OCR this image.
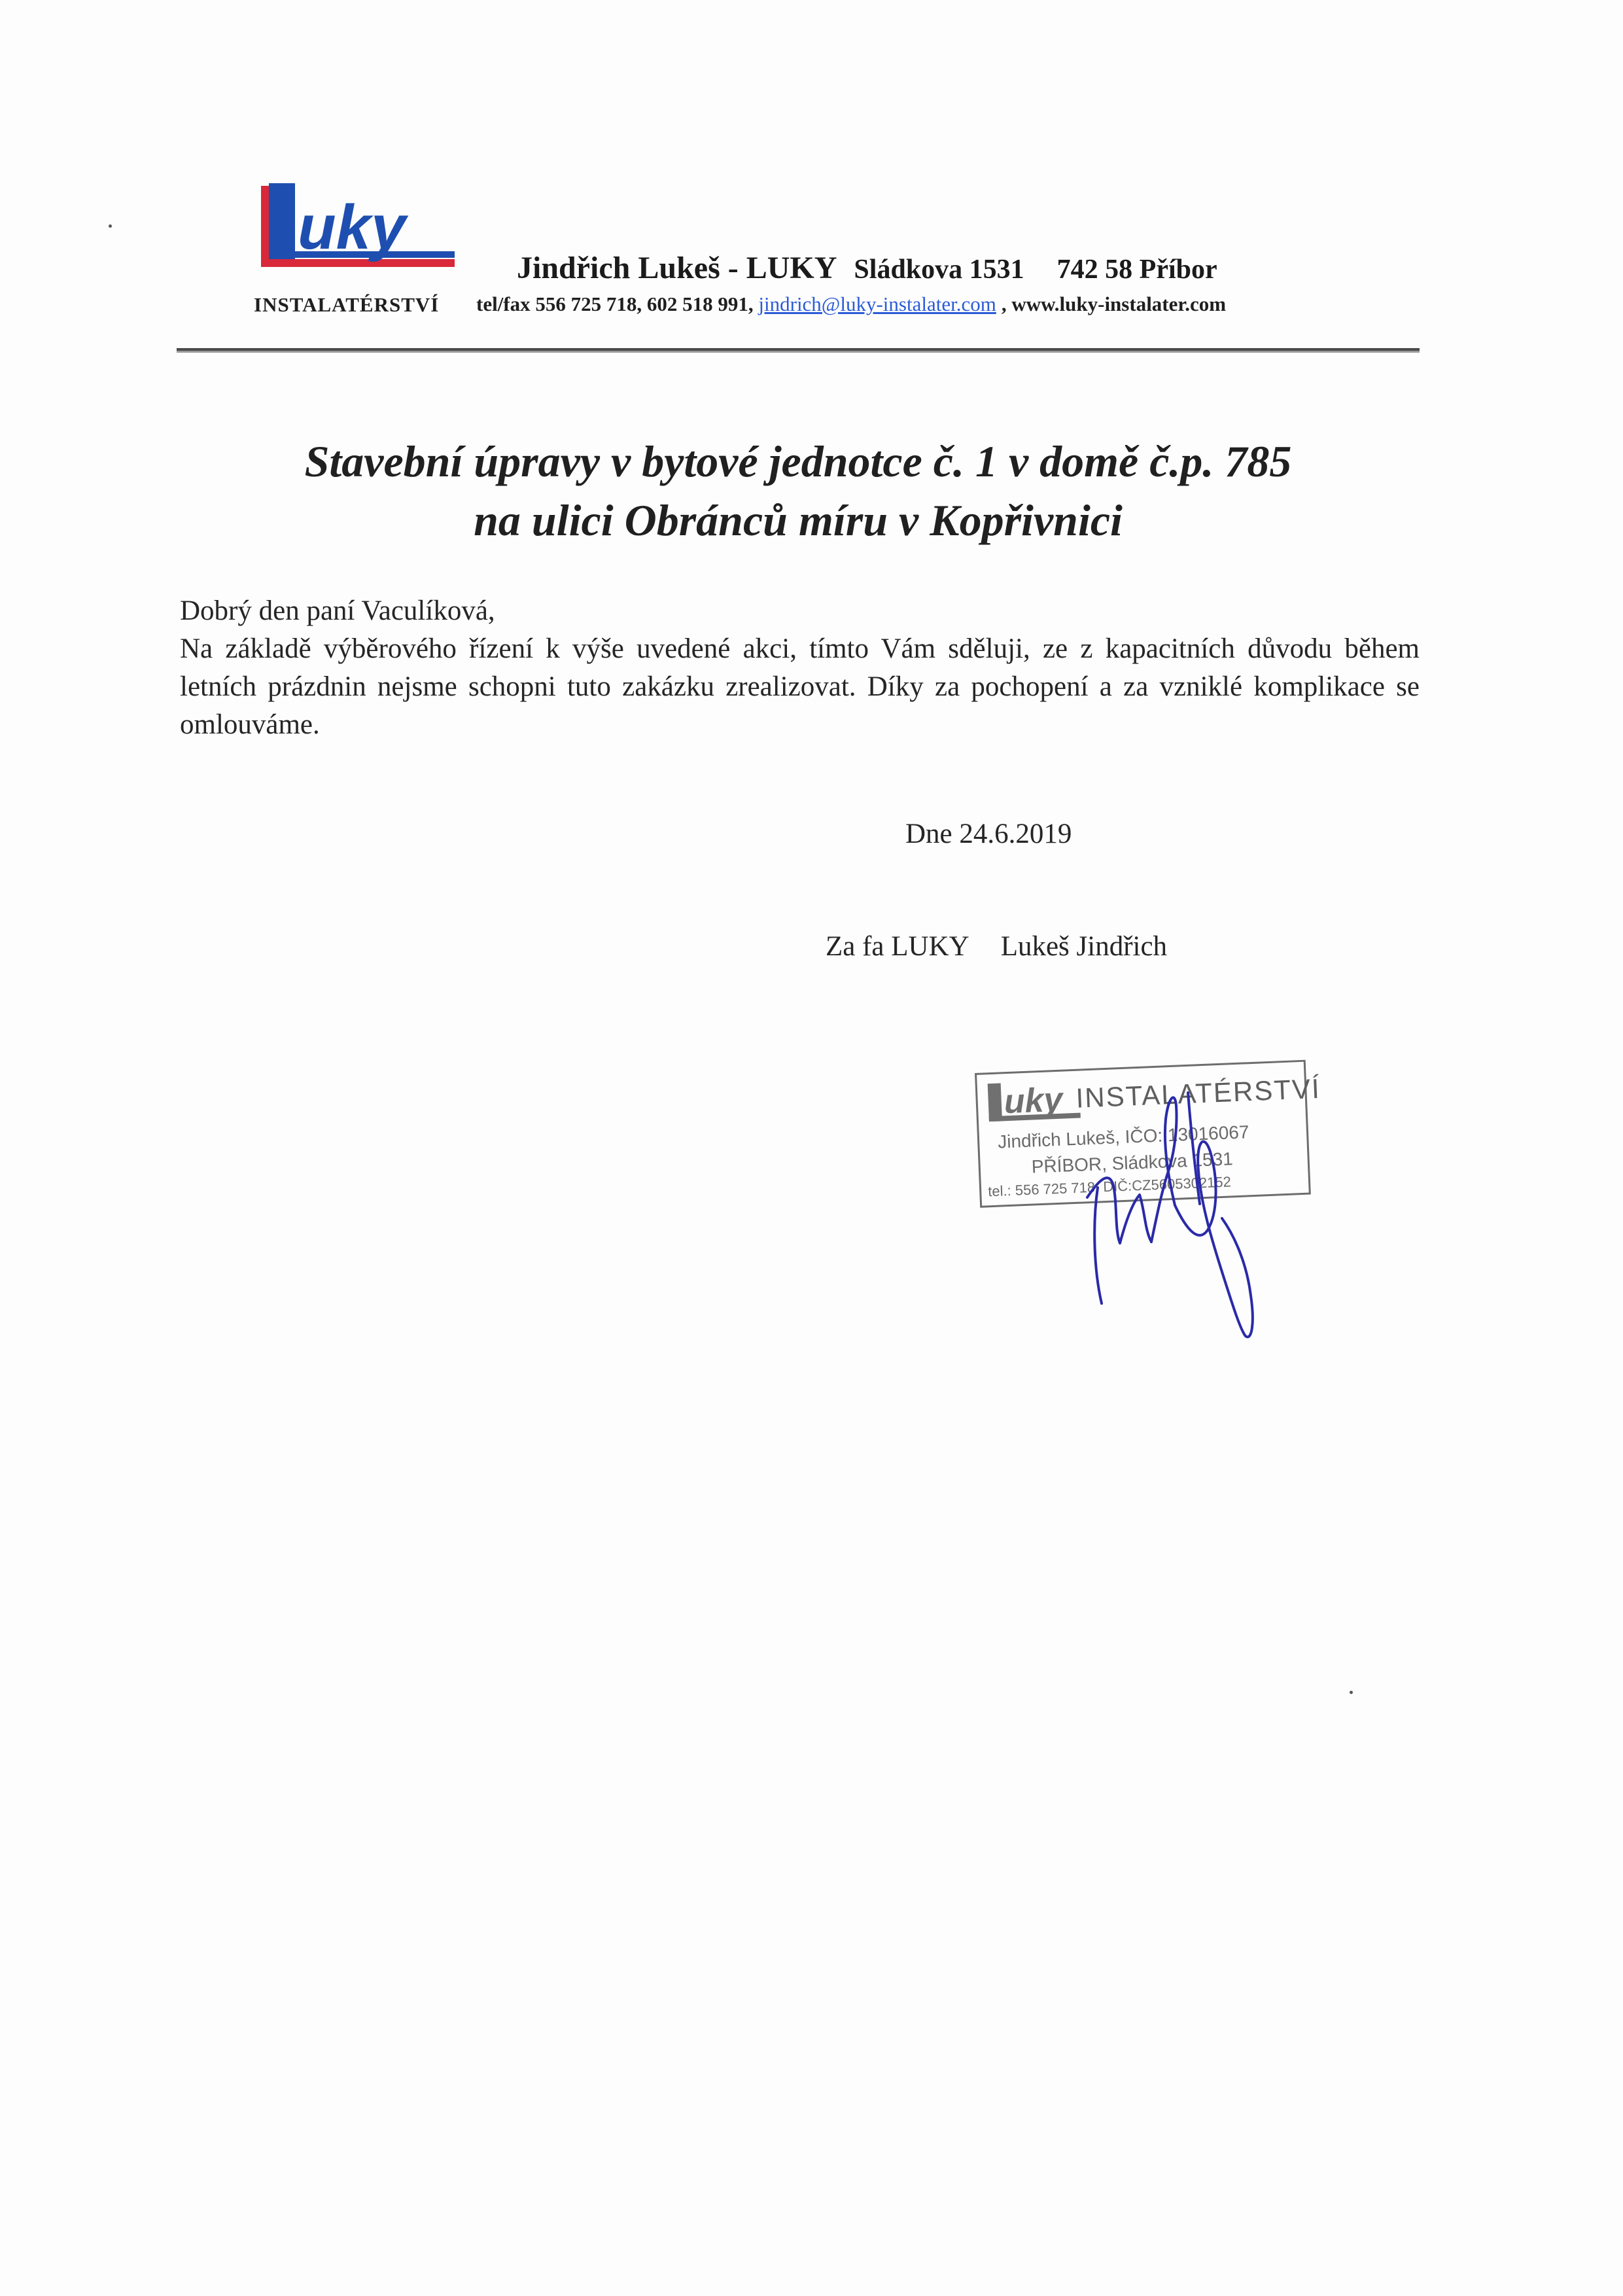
uky
INSTALATÉRSTVÍ
Jindřich Lukeš - LUKY Sládkova 1531 742 58 Příbor
tel/fax 556 725 718, 602 518 991, jindrich@luky-instalater.com , www.luky-instalater.com
Stavební úpravy v bytové jednotce č. 1 v domě č.p. 785
na ulici Obránců míru v Kopřivnici

Dobrý den paní Vaculíková,

Na základě výběrového řízení k výše uvedené akci, tímto Vám sděluji, ze z kapacitních důvodu během letních prázdnin nejsme schopni tuto zakázku zrealizovat. Díky za pochopení a za vzniklé komplikace se omlouváme.

Dne 24.6.2019
Za fa LUKY Lukeš Jindřich
uky INSTALATÉRSTVÍ
Jindřich Lukeš, IČO: 13016067
PŘÍBOR, Sládkova 1531
tel.: 556 725 718, DIČ:CZ5605302152
